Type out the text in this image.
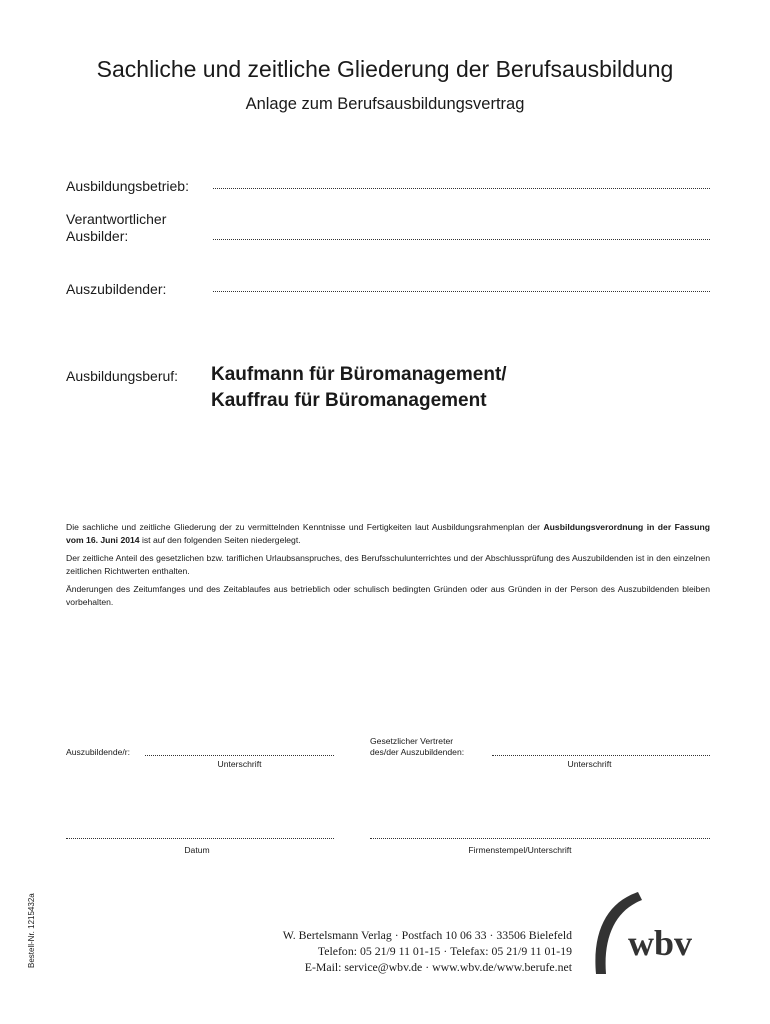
Sachliche und zeitliche Gliederung der Berufsausbildung
Anlage zum Berufsausbildungsvertrag
Ausbildungsbetrieb:
Verantwortlicher
Ausbilder:
Auszubildender:
Ausbildungsberuf: Kaufmann für Büromanagement/
Kauffrau für Büromanagement
Die sachliche und zeitliche Gliederung der zu vermittelnden Kenntnisse und Fertigkeiten laut Ausbildungsrahmenplan der Ausbildungsverordnung in der Fassung vom 16. Juni 2014 ist auf den folgenden Seiten niedergelegt.
Der zeitliche Anteil des gesetzlichen bzw. tariflichen Urlaubsanspruches, des Berufsschulunterrichtes und der Abschlussprüfung des Auszubildenden ist in den einzelnen zeitlichen Richtwerten enthalten.
Änderungen des Zeitumfanges und des Zeitablaufes aus betrieblich oder schulisch bedingten Gründen oder aus Gründen in der Person des Auszubildenden bleiben vorbehalten.
Auszubildende/r:
Unterschrift
Gesetzlicher Vertreter
des/der Auszubildenden:
Unterschrift
Datum	Firmenstempel/Unterschrift
Bestell-Nr. 1215432a	W. Bertelsmann Verlag · Postfach 10 06 33 · 33506 Bielefeld
Telefon: 05 21/9 11 01-15 · Telefax: 05 21/9 11 01-19
E-Mail: service@wbv.de · www.wbv.de/www.berufe.net
wbv
